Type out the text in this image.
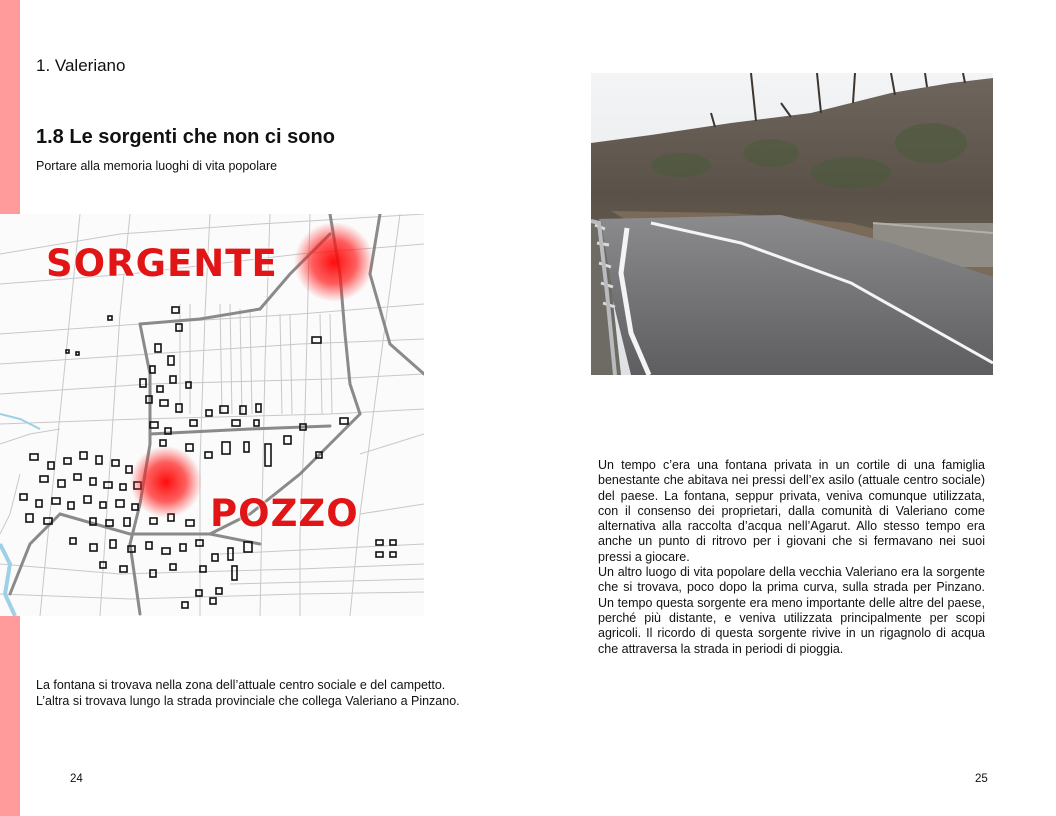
1. Valeriano
1.8 Le sorgenti che non ci sono
Portare alla memoria luoghi di vita popolare
SORGENTE
POZZO
La fontana si trovava nella zona dell’attuale centro sociale e del campetto.
L’altra si trovava lungo la strada provinciale che collega Valeriano a Pinzano.
24

Un tempo c’era una fontana privata in un cortile di una famiglia benestante che abitava nei pressi dell’ex asilo (attuale centro sociale) del paese. La fontana, seppur privata, veniva comunque utilizzata, con il consenso dei proprietari, dalla comunità di Valeriano come alternativa alla raccolta d’acqua nell’Agarut. Allo stesso tempo era anche un punto di ritrovo per i giovani che si fermavano nei suoi pressi a giocare.

Un altro luogo di vita popolare della vecchia Valeriano era la sorgente che si trovava, poco dopo la prima curva, sulla strada per Pinzano. Un tempo questa sorgente era meno importante delle altre del paese, perché più distante, e veniva utilizzata principalmente per scopi agricoli. Il ricordo di questa sorgente rivive in un rigagnolo di acqua che attraversa la strada in periodi di pioggia.

25
